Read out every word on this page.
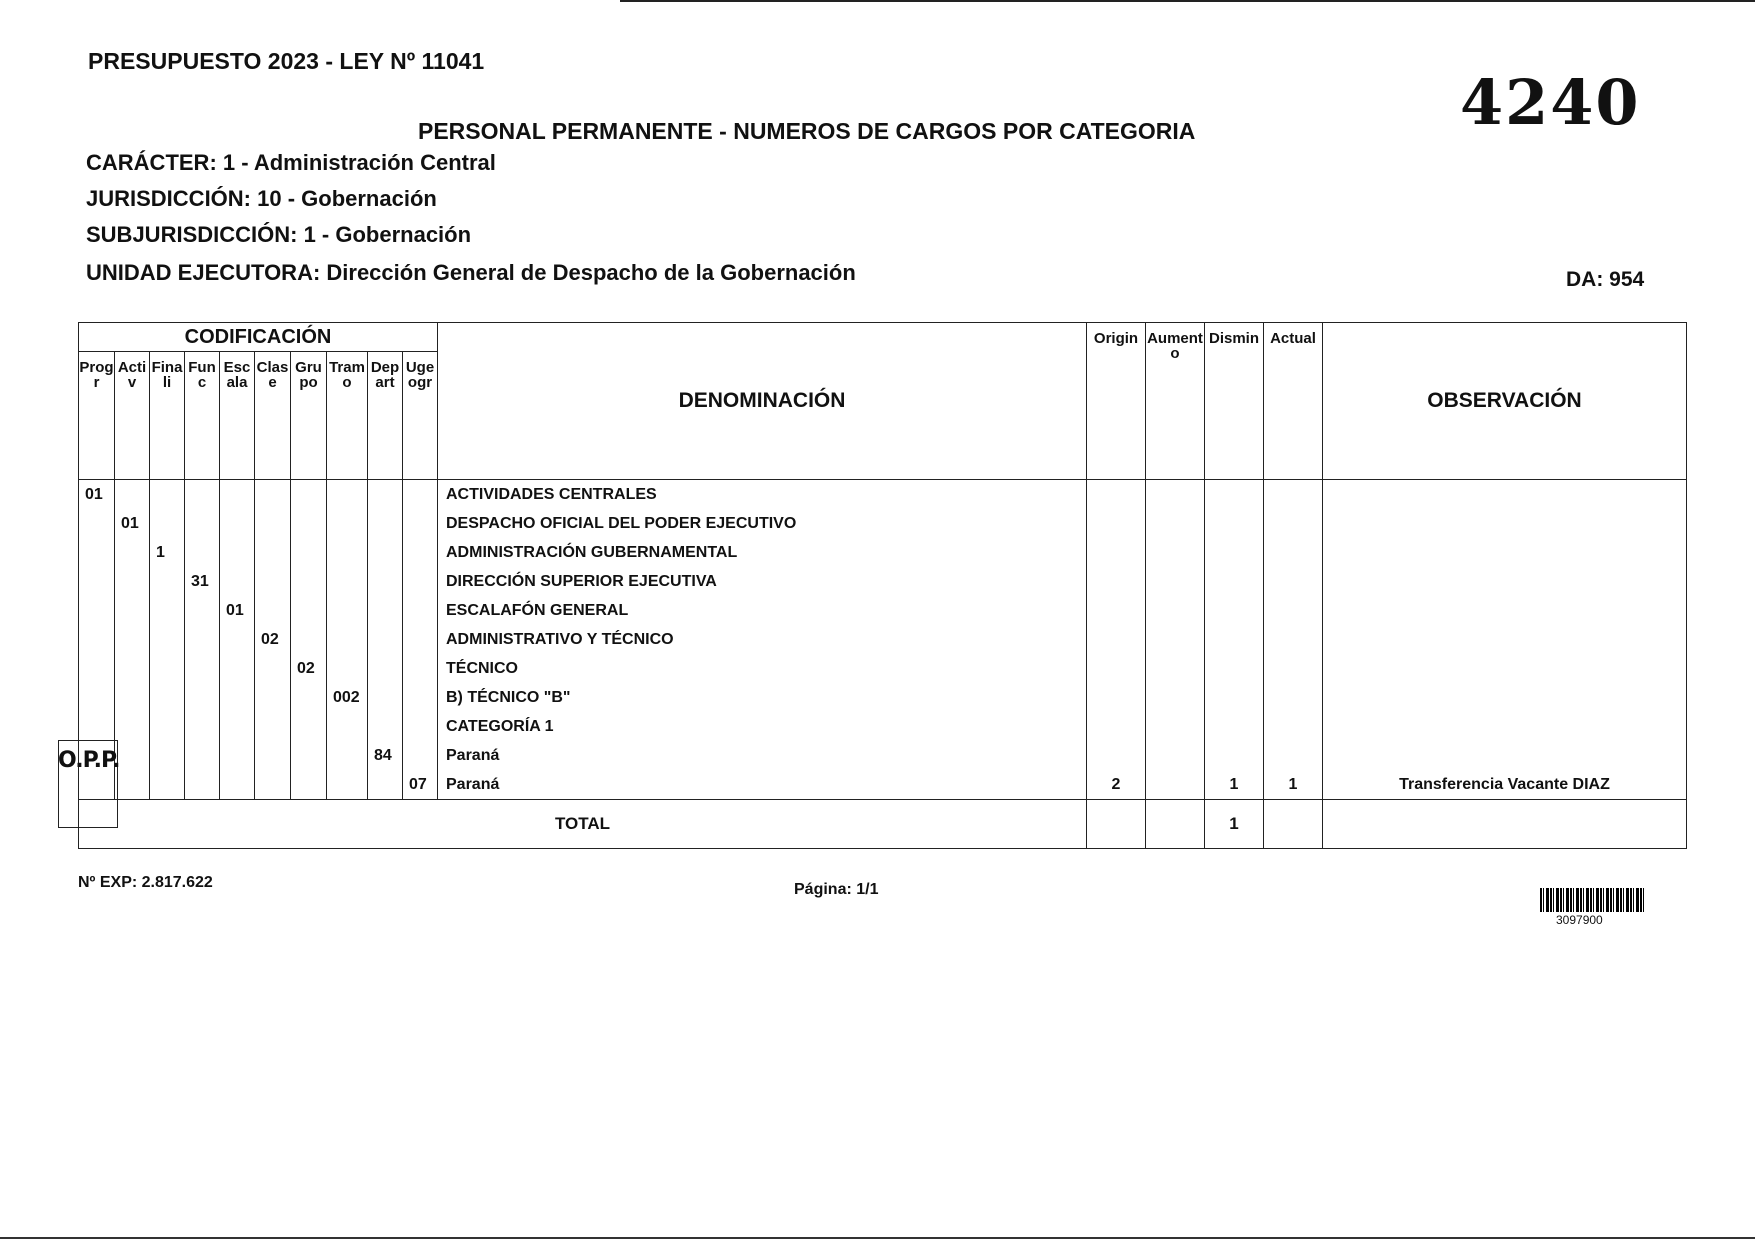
PRESUPUESTO 2023 - LEY Nº 11041
PERSONAL PERMANENTE - NUMEROS DE CARGOS POR CATEGORIA	4240
CARÁCTER: 1 - Administración Central
JURISDICCIÓN: 10 - Gobernación
SUBJURISDICCIÓN: 1 - Gobernación
UNIDAD EJECUTORA: Dirección General de Despacho de la Gobernación	DA: 954
CODIFICACIÓN										DENOMINACIÓN	Origin	Aumento	Dismin	Actual	OBSERVACIÓN

Progr	Activ	Finali	Func	Escala	Clase	Grupo	Tramo	Depart	Ugeogr						

01										ACTIVIDADES CENTRALES					
	01									DESPACHO OFICIAL DEL PODER EJECUTIVO					
		1								ADMINISTRACIÓN GUBERNAMENTAL					
			31							DIRECCIÓN SUPERIOR EJECUTIVA					
				01						ESCALAFÓN GENERAL					
					02					ADMINISTRATIVO Y TÉCNICO					
						02				TÉCNICO					
							002			B) TÉCNICO "B"					
										CATEGORÍA 1					
								84		Paraná					
									07	Paraná	2		1	1	Transferencia Vacante DIAZ
TOTAL													1		
O.P.P.
Nº EXP: 2.817.622	Página: 1/1
3097900
